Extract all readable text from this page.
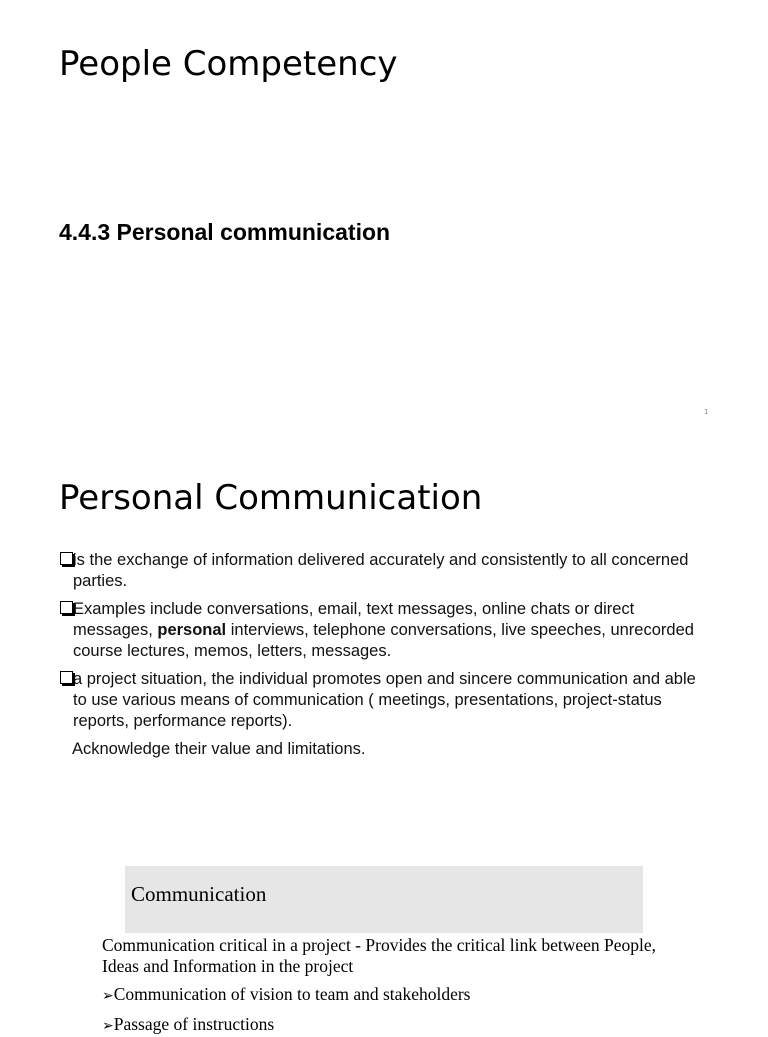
People Competency
4.4.3 Personal communication
1
Personal Communication
is the exchange of information delivered accurately and consistently to all concerned parties.
Examples include conversations, email, text messages, online chats or direct messages, personal interviews, telephone conversations, live speeches, unrecorded course lectures, memos, letters, messages.
a project situation, the individual promotes open and sincere communication and able to use various means of communication ( meetings, presentations, project-status reports, performance reports).
Acknowledge their value and limitations.
Communication
Communication critical in a project - Provides the critical link between People, Ideas and Information in the project
➢Communication of vision to team and stakeholders
➢Passage of instructions
